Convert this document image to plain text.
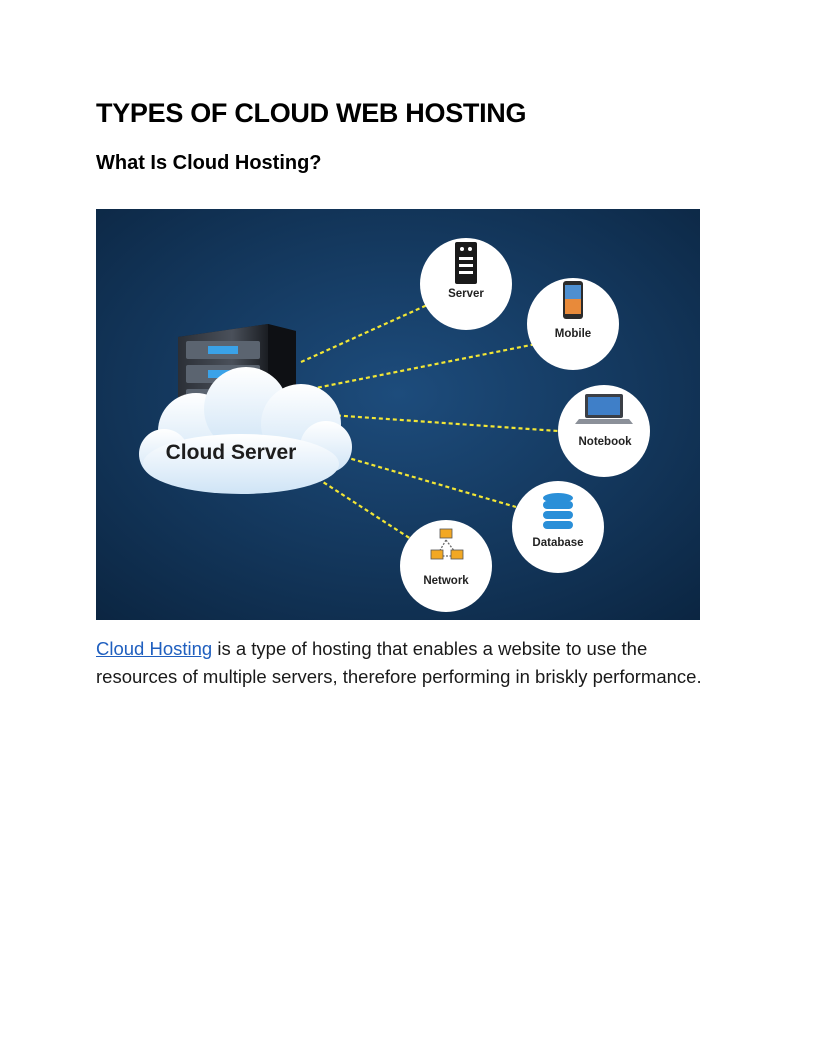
TYPES OF CLOUD WEB HOSTING
What Is Cloud Hosting?
Cloud Server
Server
Mobile
Notebook
Database
Network

Cloud Hosting is a type of hosting that enables a website to use the resources of multiple servers, therefore performing in briskly performance.
